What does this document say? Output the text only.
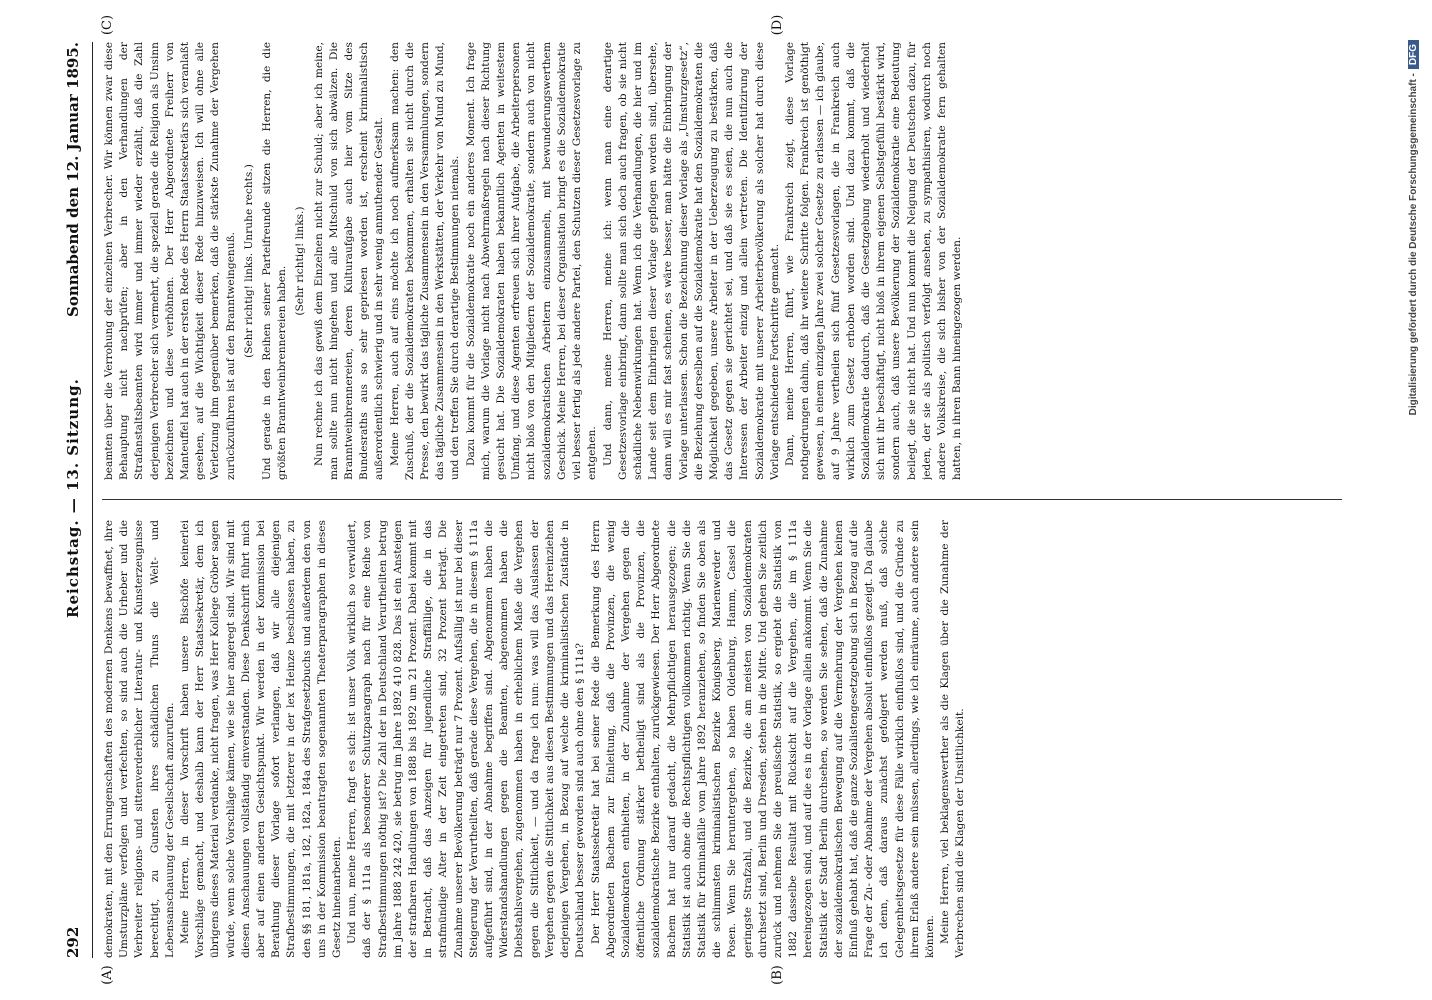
292
Reichstag. — 13. Sitzung.
Sonnabend den 12. Januar 1895.
(A)	(B)
(C)	(D)

demokraten, mit den Errungenschaften des modernen Denkens bewaffnet, ihre Umsturzpläne verfolgen und verfechten, so sind auch die Urheber und die Verbreiter religions- und sittenverderblicher Literatur- und Kunsterzeugnisse berechtigt, zu Gunsten ihres schädlichen Thuns die Welt- und Lebensanschauung der Gesellschaft anzurufen. Meine Herren, in dieser Vorschrift haben unsere Bischöfe keinerlei Vorschläge gemacht, und deshalb kann der Herr Staatssekretär, dem ich übrigens dieses Material verdanke, nicht fragen, was Herr Kollege Gröber sagen würde, wenn solche Vorschläge kämen, wie sie hier angeregt sind. Wir sind mit diesen Anschauungen vollständig einverstanden. Diese Denkschrift führt mich aber auf einen anderen Gesichtspunkt. Wir werden in der Kommission bei Berathung dieser Vorlage sofort verlangen, daß wir alle diejenigen Strafbestimmungen, die mit letzterer in der lex Heinze beschlossen haben, zu den §§ 181, 181a, 182, 182a, 184a des Strafgesetzbuchs und außerdem den von uns in der Kommission beantragten sogenannten Theaterparagraphen in dieses Gesetz hineinarbeiten. Und nun, meine Herren, fragt es sich: ist unser Volk wirklich so verwildert, daß der § 111a als besonderer Schutzparagraph nach für eine Reihe von Strafbestimmungen nöthig ist? Die Zahl der in Deutschland Verurtheilten betrug im Jahre 1888 242 420, sie betrug im Jahre 1892 410 828. Das ist ein Ansteigen der strafbaren Handlungen von 1888 bis 1892 um 21 Prozent. Dabei kommt mit in Betracht, daß das Anzeigen für jugendliche Straffällige, die in das strafmündige Alter in der Zeit eingetreten sind, 32 Prozent beträgt. Die Zunahme unserer Bevölkerung beträgt nur 7 Prozent. Aufsällig ist nur bei dieser Steigerung der Verurtheilten, daß gerade diese Vergehen, die in diesem § 111a aufgeführt sind, in der Abnahme begriffen sind. Abgenommen haben die Widerstandshandlungen gegen die Beamten, abgenommen haben die Diebstahlsvergehen, zugenommen haben in erheblichem Maße die Vergehen gegen die Sittlichkeit, — und da frage ich nun: was will das Auslassen der Vergehen gegen die Sittlichkeit aus diesen Bestimmungen und das Hereinziehen derjenigen Vergehen, in Bezug auf welche die kriminalistischen Zustände in Deutschland besser geworden sind auch ohne den § 111a? Der Herr Staatssekretär hat bei seiner Rede die Bemerkung des Herrn Abgeordneten Bachem zur Einleitung, daß die Provinzen, die wenig Sozialdemokraten enthielten, in der Zunahme der Vergehen gegen die öffentliche Ordnung stärker betheiligt sind als die Provinzen, die sozialdemokratische Bezirke enthalten, zurückgewiesen. Der Herr Abgeordnete Bachem hat nur darauf gedacht, die Mehrpflichtigen herausgezogen; die Statistik ist auch ohne die Rechtspflichtigen vollkommen richtig. Wenn Sie die Statistik für Kriminalfälle vom Jahre 1892 heranziehen, so finden Sie oben als die schlimmsten kriminalistischen Bezirke Königsberg, Marienwerder und Posen. Wenn Sie heruntergehen, so haben Oldenburg, Hamm, Cassel die geringste Strafzahl, und die Bezirke, die am meisten von Sozialdemokraten durchsetzt sind, Berlin und Dresden, stehen in die Mitte. Und gehen Sie zeitlich zurück und nehmen Sie die preußische Statistik, so ergiebt die Statistik von 1882 dasselbe Resultat mit Rücksicht auf die Vergehen, die im § 111a hereingezogen sind, und auf die es in der Vorlage allein ankommt. Wenn Sie die Statistik der Stadt Berlin durchsehen, so werden Sie sehen, daß die Zunahme der sozialdemokratischen Bewegung auf die Vermehrung der Vergehen keinen Einfluß gehabt hat, daß die ganze Sozialistengesetzgebung sich in Bezug auf die Frage der Zu- oder Abnahme der Vergehen absolut einflußlos gezeigt. Da glaube ich denn, daß daraus zunächst gefolgert werden muß, daß solche Gelegenheitsgesetze für diese Fälle wirklich einflußlos sind, und die Gründe zu ihrem Erlaß andere sein müssen, allerdings, wie ich einräume, auch andere sein können. Meine Herren, viel beklagenswerther als die Klagen über die Zunahme der Verbrechen sind die Klagen der Unsittlichkeit.

beamten über die Verrohung der einzelnen Verbrecher. Wir können zwar diese Behauptung nicht nachprüfen; aber in den Verhandlungen der Strafanstaltsbeamten wird immer und immer wieder erzählt, daß die Zahl derjenigen Verbrecher sich vermehrt, die speziell gerade die Religion als Unsinn bezeichnen und diese verhöhnen. Der Herr Abgeordnete Freiherr von Manteuffel hat auch in der ersten Rede des Herrn Staatssekretärs sich veranlaßt gesehen, auf die Wichtigkeit dieser Rede hinzuweisen. Ich will ohne alle Verletzung ihm gegenüber bemerken, daß die stärkste Zunahme der Vergehen zurückzuführen ist auf den Branntweingenuß. (Sehr richtig! links. Unruhe rechts.) Und gerade in den Reihen seiner Parteifreunde sitzen die Herren, die die größten Branntweinbrennereien haben.

(Sehr richtig! links.) Nun rechne ich das gewiß dem Einzelnen nicht zur Schuld; aber ich meine, man sollte nun nicht hingehen und alle Mitschuld von sich abwälzen. Die Branntweinbrennereien, deren Kulturaufgabe auch hier vom Sitze des Bundesraths aus so sehr gepriesen worden ist, erscheint kriminalistisch außerordentlich schwierig und in sehr wenig anmuthender Gestalt. Meine Herren, auch auf eins möchte ich noch aufmerksam machen: den Zuschuß, der die Sozialdemokraten bekommen, erhalten sie nicht durch die Presse, den bewirkt das tägliche Zusammensein in den Versammlungen, sondern das tägliche Zusammensein in den Werkstätten, der Verkehr von Mund zu Mund, und den treffen Sie durch derartige Bestimmungen niemals. Dazu kommt für die Sozialdemokratie noch ein anderes Moment. Ich frage mich, warum die Vorlage nicht nach Abwehrmaßregeln nach dieser Richtung gesucht hat. Die Sozialdemokraten haben bekanntlich Agenten in weitestem Umfang, und diese Agenten erfreuen sich ihrer Aufgabe, die Arbeiterpersonen nicht bloß von den Mitgliedern der Sozialdemokratie, sondern auch von nicht sozialdemokratischen Arbeitern einzusammeln, mit bewunderungswerthem Geschick. Meine Herren, bei dieser Organisation bringt es die Sozialdemokratie viel besser fertig als jede andere Partei, den Schutzen dieser Gesetzesvorlage zu entgehen. Und dann, meine Herren, meine ich: wenn man eine derartige Gesetzesvorlage einbringt, dann sollte man sich doch auch fragen, ob sie nicht schädliche Nebenwirkungen hat. Wenn ich die Verhandlungen, die hier und im Lande seit dem Einbringen dieser Vorlage gepflogen worden sind, übersehe, dann will es mir fast scheinen, es wäre besser, man hätte die Einbringung der Vorlage unterlassen. Schon die Bezeichnung dieser Vorlage als „Umsturzgesetz“, die Beziehung derselben auf die Sozialdemokratie hat den Sozialdemokraten die Möglichkeit gegeben, unsere Arbeiter in der Ueberzeugung zu bestärken, daß das Gesetz gegen sie gerichtet sei, und daß sie es seien, die nun auch die Interessen der Arbeiter einzig und allein vertreten. Die Identifizirung der Sozialdemokratie mit unserer Arbeiterbevölkerung als solcher hat durch diese Vorlage entschiedene Fortschritte gemacht. Dann, meine Herren, führt, wie Frankreich zeigt, diese Vorlage nothgedrungen dahin, daß ihr weitere Schritte folgen. Frankreich ist genöthigt gewesen, in einem einzigen Jahre zwei solcher Gesetze zu erlassen — ich glaube, auf 9 Jahre vertheilen sich fünf Gesetzesvorlagen, die in Frankreich auch wirklich zum Gesetz erhoben worden sind. Und dazu kommt, daß die Sozialdemokratie dadurch, daß die Gesetzgebung wiederholt und wiederholt sich mit ihr beschäftigt, nicht bloß in ihrem eigenen Selbstgefühl bestärkt wird, sondern auch, daß unsere Bevölkerung der Sozialdemokratie eine Bedeutung beilegt, die sie nicht hat. Und nun kommt die Neigung der Deutschen dazu, für jeden, der sie als politisch verfolgt ansehen, zu sympathisiren, wodurch noch andere Volkskreise, die sich bisher von der Sozialdemokratie fern gehalten hatten, in ihren Bann hineingezogen werden.	Digitalisierung gefördert durch die Deutsche Forschungsgemeinschaft -DFG
